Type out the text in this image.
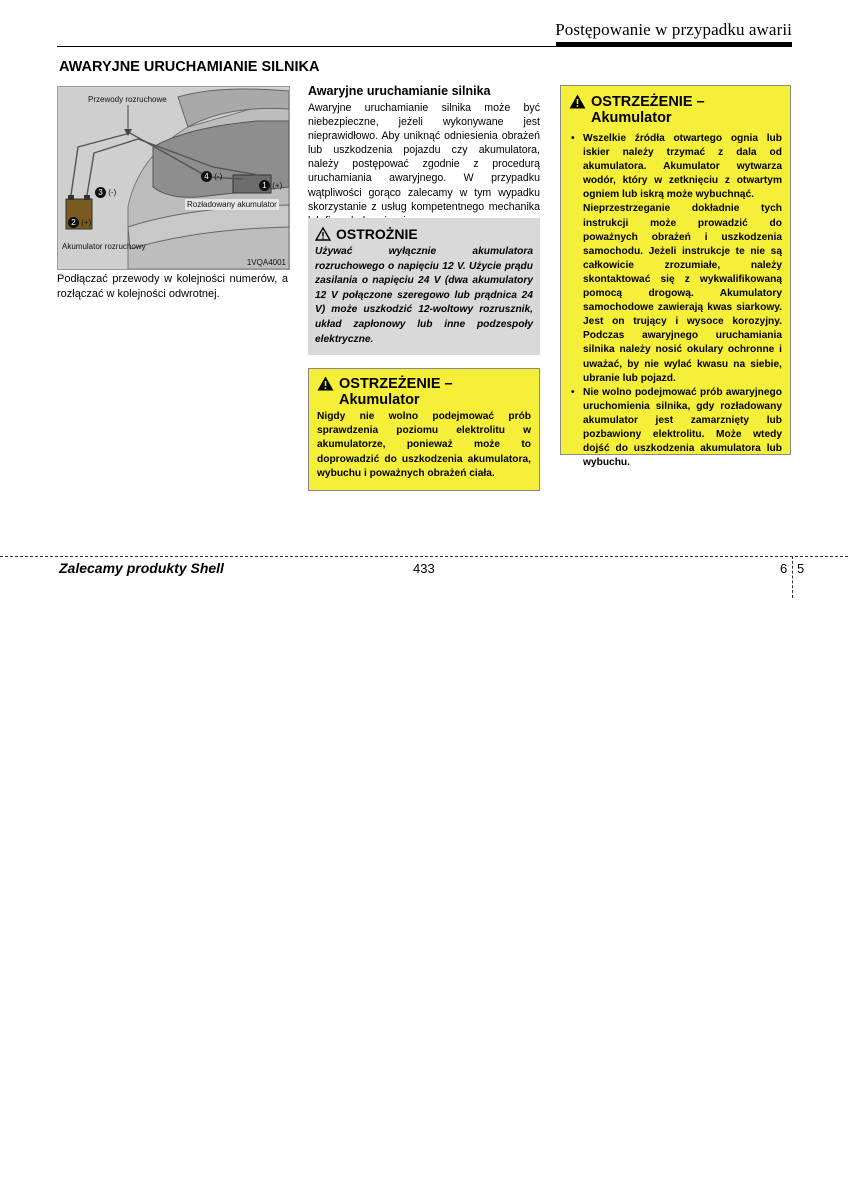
Postępowanie w przypadku awarii
AWARYJNE URUCHAMIANIE SILNIKA
Przewody rozruchowe
4 (-)
1 (+)
3 (-)
2 (+)
Rozładowany akumulator
Akumulator rozruchowy
1VQA4001
Podłączać przewody w kolejności numerów, a rozłączać w kolejności odwrotnej.
Awaryjne uruchamianie silnika
Awaryjne uruchamianie silnika może być niebezpieczne, jeżeli wykonywane jest nieprawidłowo. Aby uniknąć odniesienia obrażeń lub uszkodzenia pojazdu czy akumulatora, należy postępować zgodnie z procedurą uruchamiania awaryjnego. W przypadku wątpliwości gorąco zalecamy w tym wypadku skorzystanie z usług kompetentnego mechanika
OSTROŻNIE
Używać wyłącznie akumulatora rozruchowego o napięciu 12 V. Użycie prądu zasilania o napięciu 24 V (dwa akumulatory 12 V połączone szeregowo lub prądnica 24 V) może uszkodzić 12-woltowy rozrusznik, układ zapłonowy lub inne podzespoły elektryczne.
OSTRZEŻENIE – Akumulator
Nigdy nie wolno podejmować prób sprawdzenia poziomu elektrolitu w akumulatorze, ponieważ może to doprowadzić do uszkodzenia akumulatora, wybuchu i poważnych obrażeń ciała.
OSTRZEŻENIE – Akumulator
• Wszelkie źródła otwartego ognia lub iskier należy trzymać z dala od akumulatora. Akumulator wytwarza wodór, który w zetknięciu z otwartym ogniem lub iskrą może wybuchnąć.
Nieprzestrzeganie dokładnie tych instrukcji może prowadzić do poważnych obrażeń i uszkodzenia samochodu. Jeżeli instrukcje te nie są całkowicie zrozumiałe, należy skontaktować się z wykwalifikowaną pomocą drogową. Akumulatory samochodowe zawierają kwas siarkowy. Jest on trujący i wysoce korozyjny. Podczas awaryjnego uruchamiania silnika należy nosić okulary ochronne i uważać, by nie wylać kwasu na siebie, ubranie lub pojazd.
• Nie wolno podejmować prób awaryjnego uruchomienia silnika, gdy rozładowany akumulator jest zamarznięty lub pozbawiony elektrolitu. Może wtedy dojść do uszkodzenia akumulatora lub wybuchu.
Zalecamy produkty Shell	433	6 5
